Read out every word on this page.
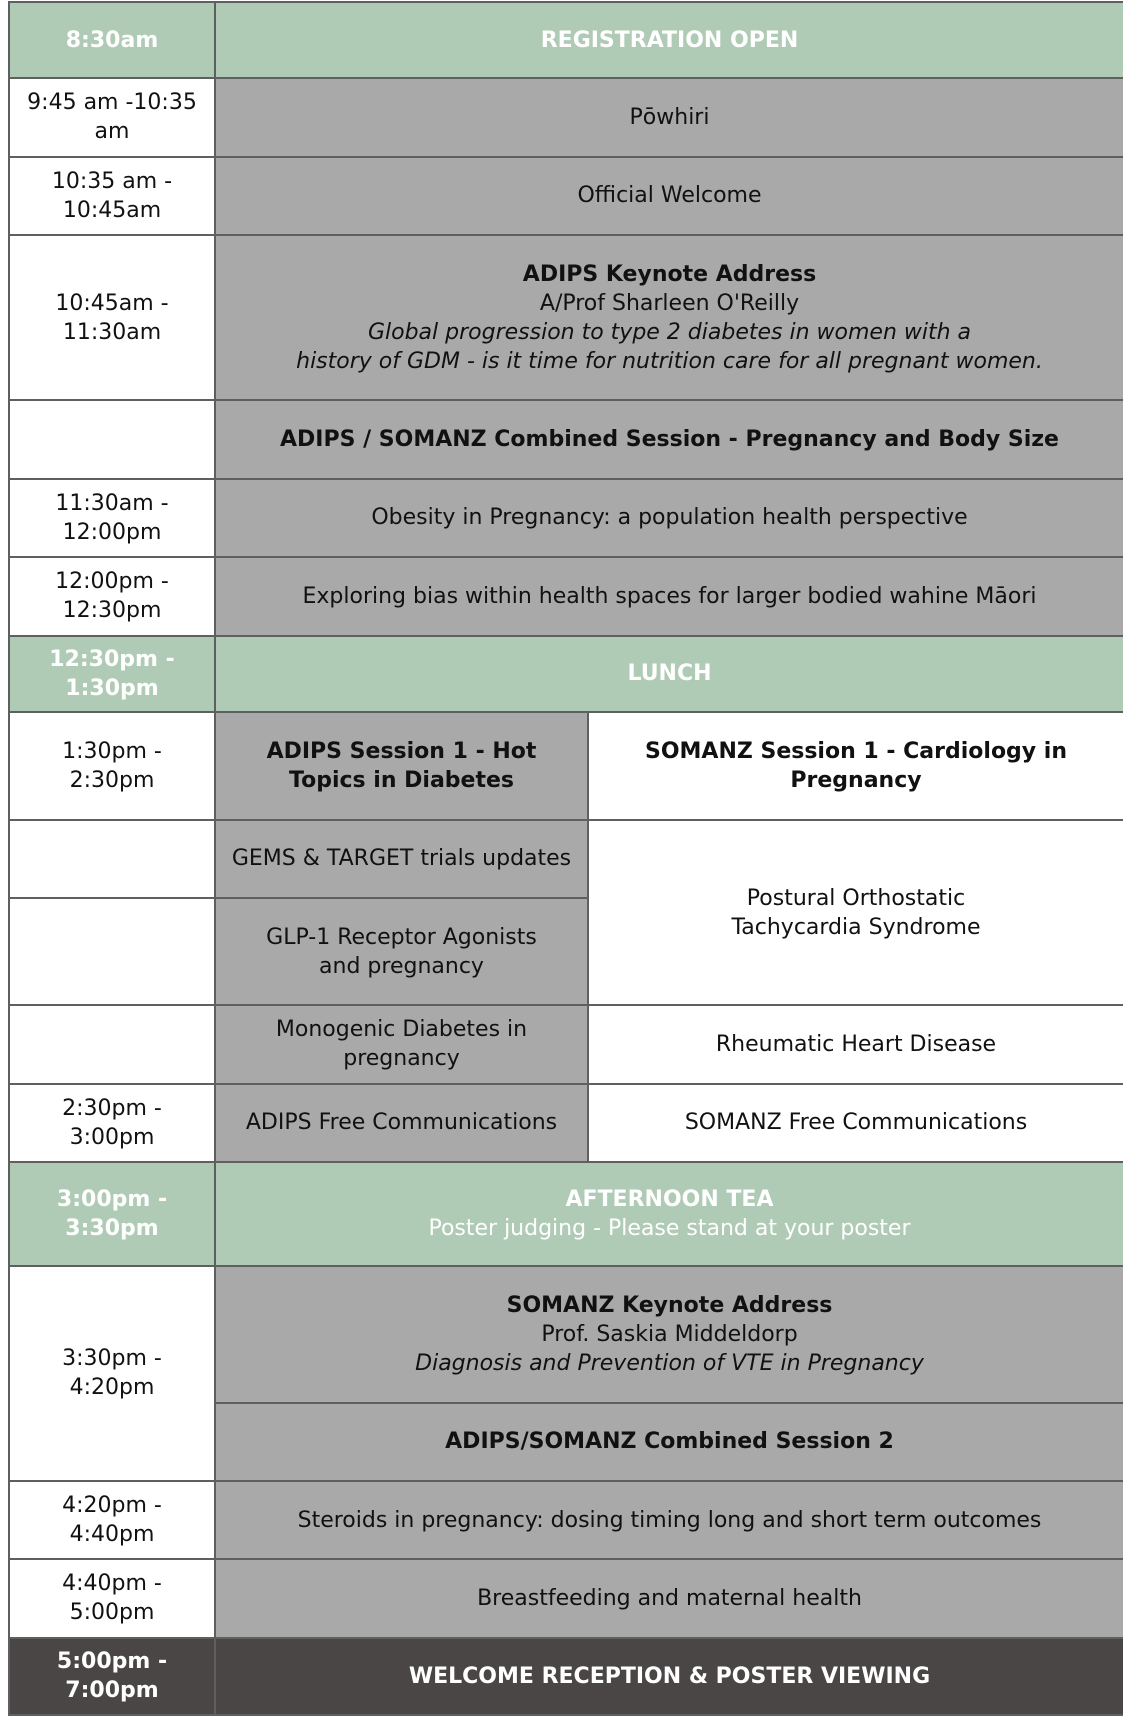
8:30am	REGISTRATION OPEN	
9:45 am -10:35 am	Pōwhiri	
10:35 am - 10:45am	Official Welcome	
10:45am - 11:30am	ADIPS Keynote Address
A/Prof Sharleen O'Reilly
Global progression to type 2 diabetes in women with a
history of GDM - is it time for nutrition care for all pregnant women.	

	ADIPS / SOMANZ Combined Session - Pregnancy and Body Size	
11:30am - 12:00pm	Obesity in Pregnancy: a population health perspective	
12:00pm - 12:30pm	Exploring bias within health spaces for larger bodied wahine Māori	
12:30pm - 1:30pm	LUNCH	
1:30pm - 2:30pm	ADIPS Session 1 - Hot Topics in Diabetes	SOMANZ Session 1 - Cardiology in Pregnancy
	GEMS & TARGET trials updates	Postural Orthostatic
Tachycardia Syndrome

	GLP-1 Receptor Agonists and pregnancy	
	Monogenic Diabetes in pregnancy	Rheumatic Heart Disease
2:30pm - 3:00pm	ADIPS Free Communications	SOMANZ Free Communications
3:00pm - 3:30pm	AFTERNOON TEA
Poster judging - Please stand at your poster	

3:30pm - 4:20pm	SOMANZ Keynote Address
Prof. Saskia Middeldorp
Diagnosis and Prevention of VTE in Pregnancy	

	ADIPS/SOMANZ Combined Session 2	
4:20pm - 4:40pm	Steroids in pregnancy: dosing timing long and short term outcomes	
4:40pm - 5:00pm	Breastfeeding and maternal health	
5:00pm - 7:00pm	WELCOME RECEPTION & POSTER VIEWING	
